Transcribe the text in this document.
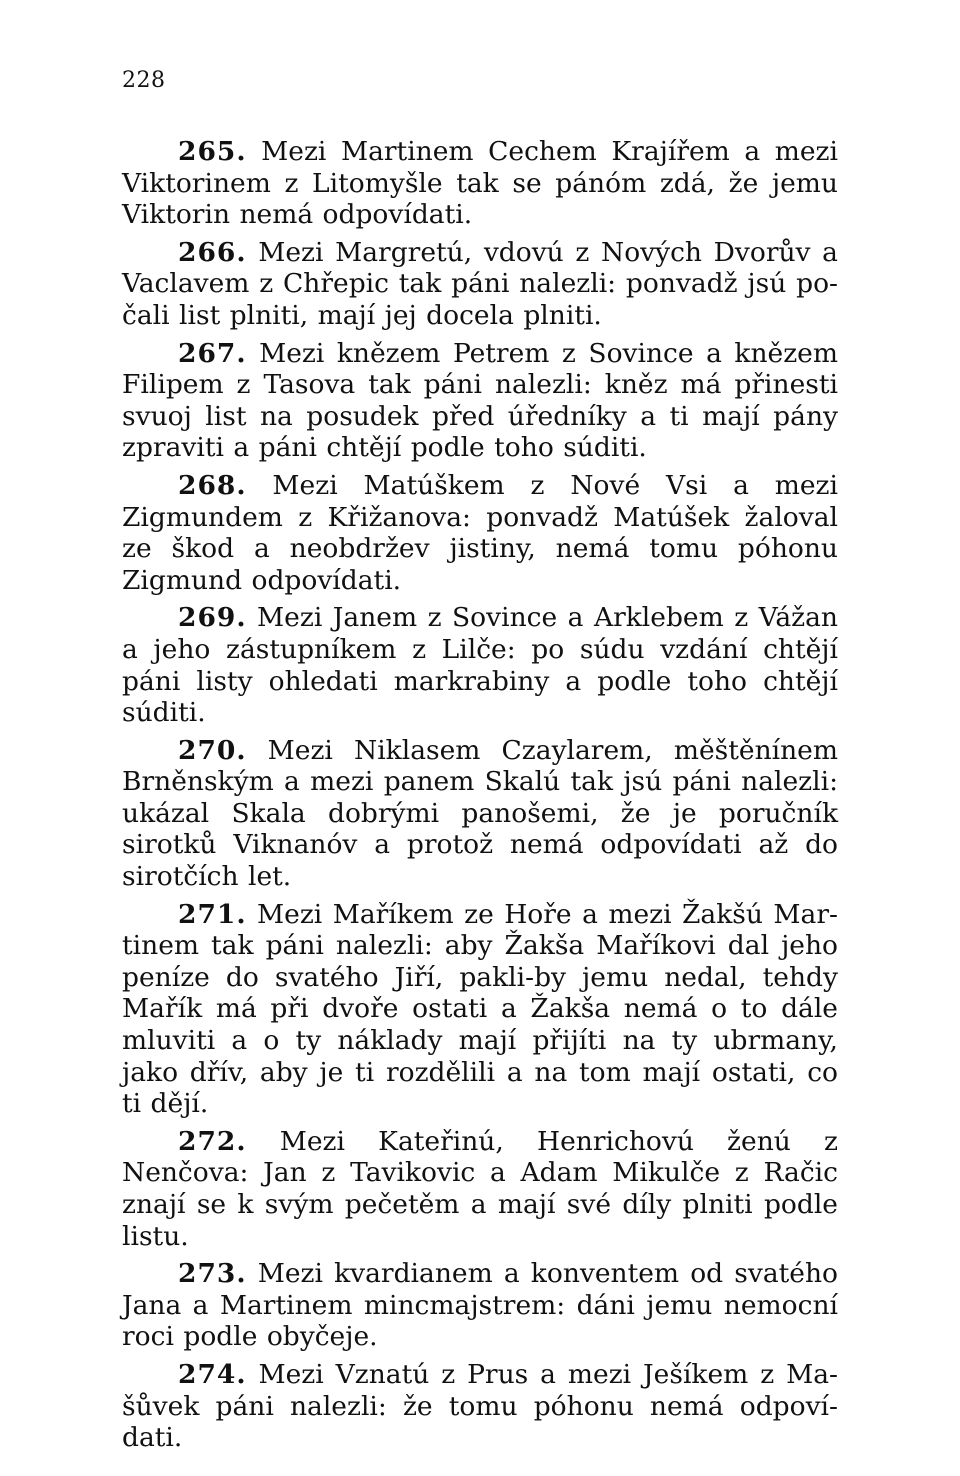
228

265. Mezi Martinem Cechem Krajířem a mezi Viktorinem z Litomyšle tak se pánóm zdá, že jemu Viktorin nemá odpovídati.

266. Mezi Margretú, vdovú z Nových Dvorův a Vaclavem z Chřepic tak páni nalezli: ponvadž jsú počali list plniti, mají jej docela plniti.

267. Mezi knězem Petrem z Sovince a knězem Filipem z Tasova tak páni nalezli: kněz má přinesti svuoj list na posudek před úředníky a ti mají pány zpraviti a páni chtějí podle toho súditi.

268. Mezi Matúškem z Nové Vsi a mezi Zigmundem z Křižanova: ponvadž Matúšek žaloval ze škod a neobdržev jistiny, nemá tomu póhonu Zigmund odpovídati.

269. Mezi Janem z Sovince a Arklebem z Vážan a jeho zástupníkem z Lilče: po súdu vzdání chtějí páni listy ohledati markrabiny a podle toho chtějí súditi.

270. Mezi Niklasem Czaylarem, měštěnínem Brněnským a mezi panem Skalú tak jsú páni nalezli: ukázal Skala dobrými panošemi, že je poručník sirotků Viknanóv a protož nemá odpovídati až do sirotčích let.

271. Mezi Maříkem ze Hoře a mezi Žakšú Martinem tak páni nalezli: aby Žakša Maříkovi dal jeho peníze do svatého Jiří, pakli-by jemu nedal, tehdy Mařík má při dvoře ostati a Žakša nemá o to dále mluviti a o ty náklady mají přijíti na ty ubrmany, jako dřív, aby je ti rozdělili a na tom mají ostati, co ti dějí.

272. Mezi Kateřinú, Henrichovú ženú z Nenčova: Jan z Tavikovic a Adam Mikulče z Račic znají se k svým pečetěm a mají své díly plniti podle listu.

273. Mezi kvardianem a konventem od svatého Jana a Martinem mincmajstrem: dáni jemu nemocní roci podle obyčeje.

274. Mezi Vznatú z Prus a mezi Ješíkem z Mašůvek páni nalezli: že tomu póhonu nemá odpovídati.
